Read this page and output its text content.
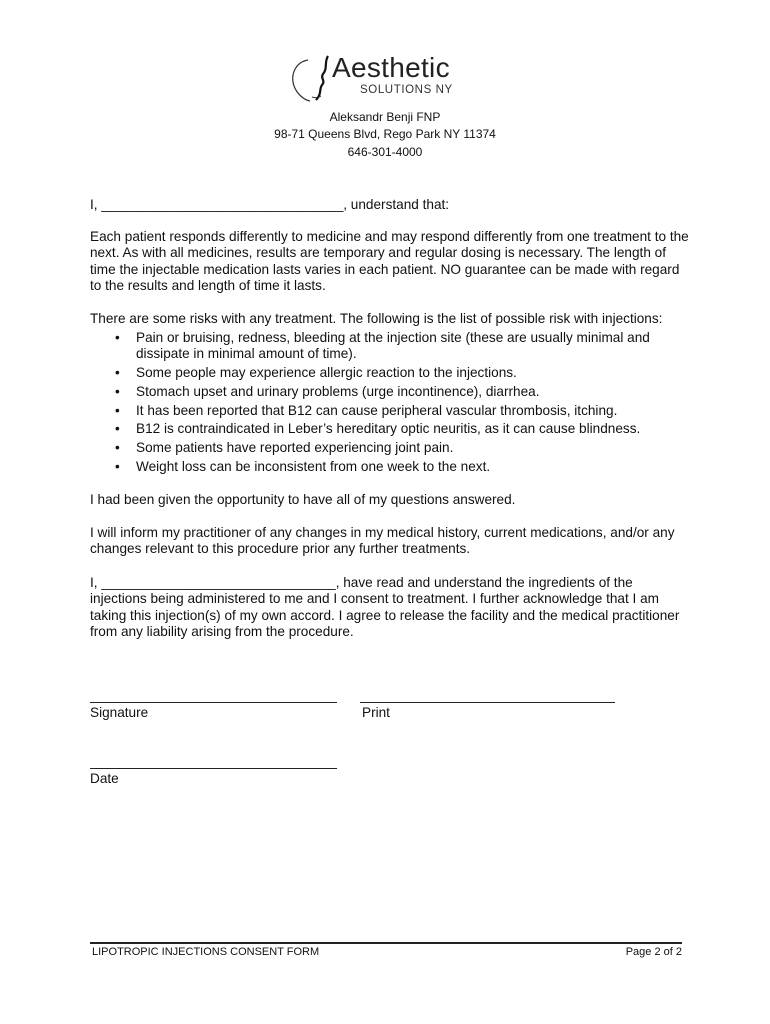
Aesthetic
SOLUTIONS NY
Aleksandr Benji FNP
98-71 Queens Blvd, Rego Park NY 11374
646-301-4000

I, ________________________________, understand that:

Each patient responds differently to medicine and may respond differently from one treatment to the next. As with all medicines, results are temporary and regular dosing is necessary. The length of time the injectable medication lasts varies in each patient. NO guarantee can be made with regard to the results and length of time it lasts.

There are some risks with any treatment. The following is the list of possible risk with injections:

• Pain or bruising, redness, bleeding at the injection site (these are usually minimal and dissipate in minimal amount of time).
• Some people may experience allergic reaction to the injections.
• Stomach upset and urinary problems (urge incontinence), diarrhea.
• It has been reported that B12 can cause peripheral vascular thrombosis, itching.
• B12 is contraindicated in Leber’s hereditary optic neuritis, as it can cause blindness.
• Some patients have reported experiencing joint pain.
• Weight loss can be inconsistent from one week to the next.

I had been given the opportunity to have all of my questions answered.

I will inform my practitioner of any changes in my medical history, current medications, and/or any changes relevant to this procedure prior any further treatments.

I, _______________________________, have read and understand the ingredients of the injections being administered to me and I consent to treatment. I further acknowledge that I am taking this injection(s) of my own accord. I agree to release the facility and the medical practitioner from any liability arising from the procedure.

Signature	Print
Date
LIPOTROPIC INJECTIONS CONSENT FORM	Page 2 of 2
